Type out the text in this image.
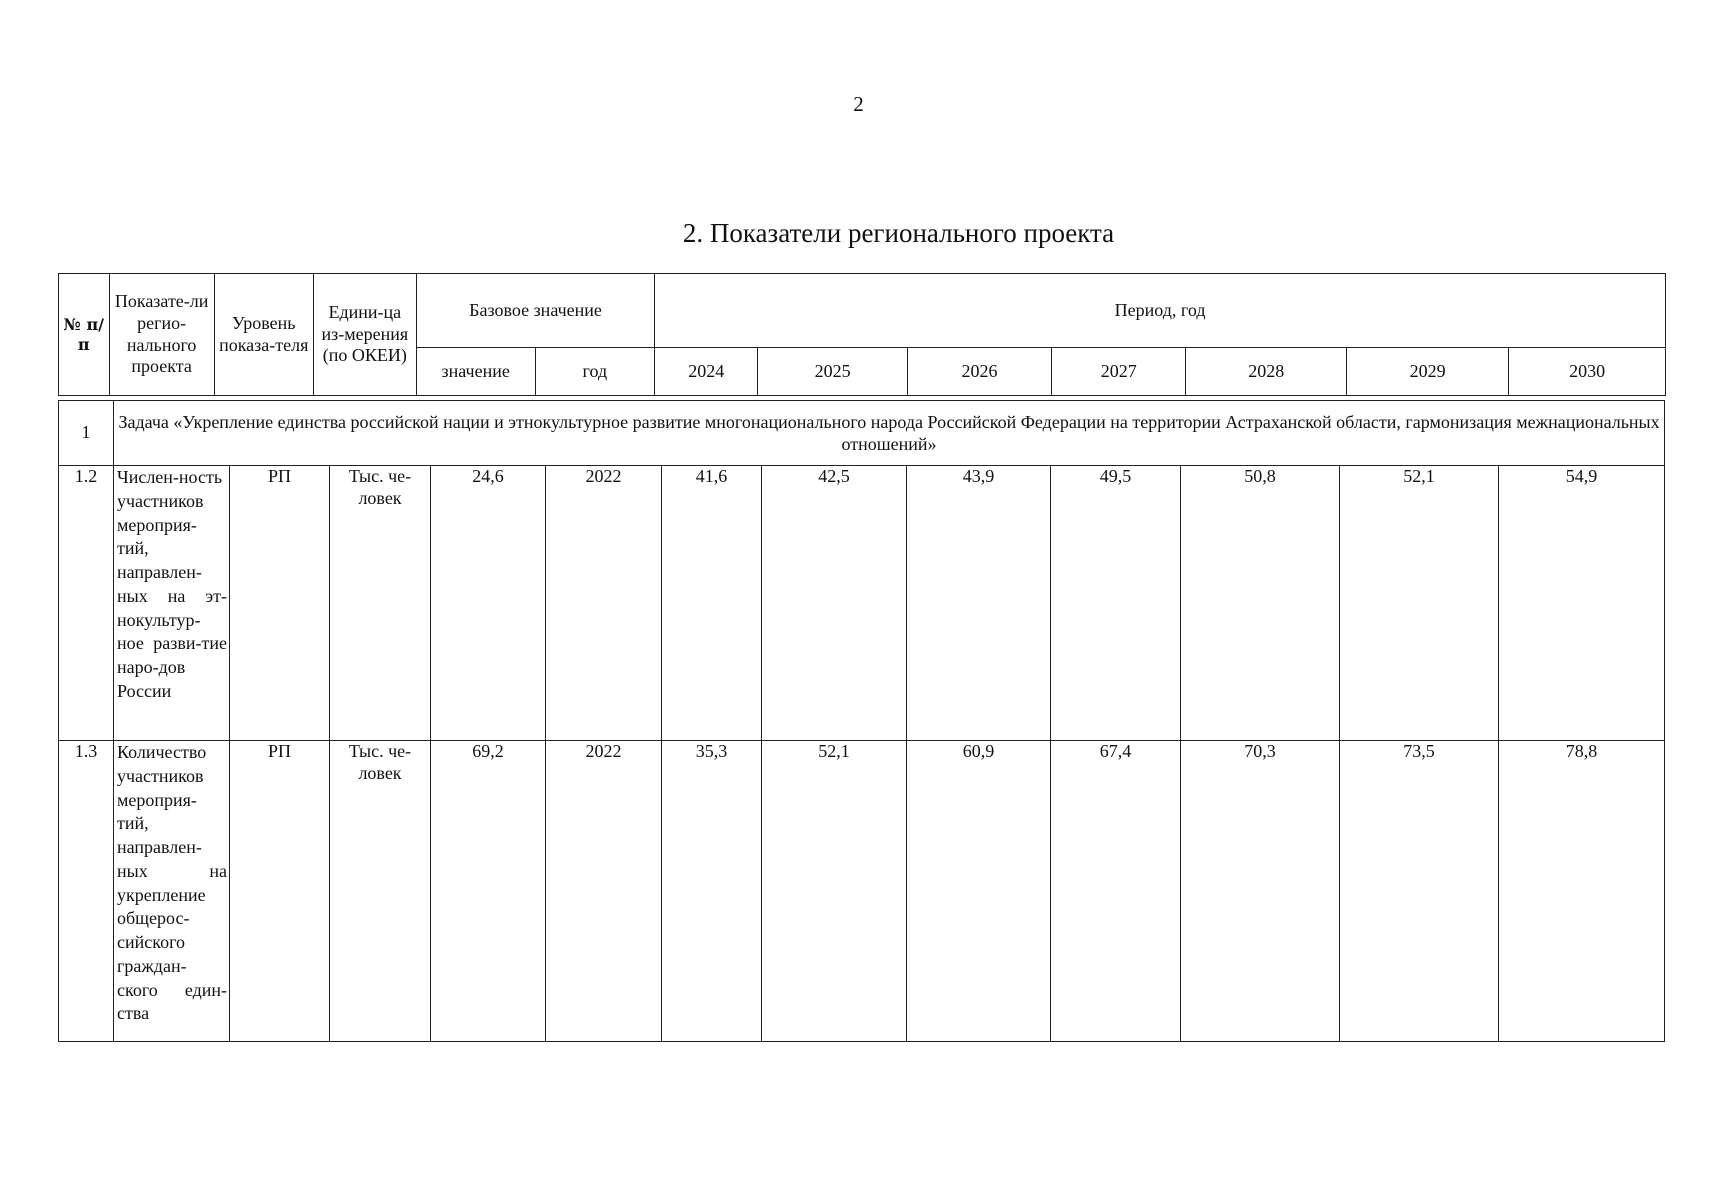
2
2. Показатели регионального проекта
№ п/п	Показате-ли регио-нального проекта	Уровень показа-теля	Едини-ца из-мерения (по ОКЕИ)	Базовое значение		Период, год						
				значение	год	2024	2025	2026	2027	2028	2029	2030
1	Задача «Укрепление единства российской нации и этнокультурное развитие многонационального народа Российской Федерации на территории Астраханской области, гармонизация межнациональных отношений»											
1.2	Числен-ность участников мероприя-тий, направлен-ных на эт-нокультур-ное разви-тие наро-дов России	РП	Тыс. че-ловек	24,6	2022	41,6	42,5	43,9	49,5	50,8	52,1	54,9
1.3	Количество участников мероприя-тий, направлен-ных на укрепление общерос-сийского граждан-ского един-ства	РП	Тыс. че-ловек	69,2	2022	35,3	52,1	60,9	67,4	70,3	73,5	78,8
